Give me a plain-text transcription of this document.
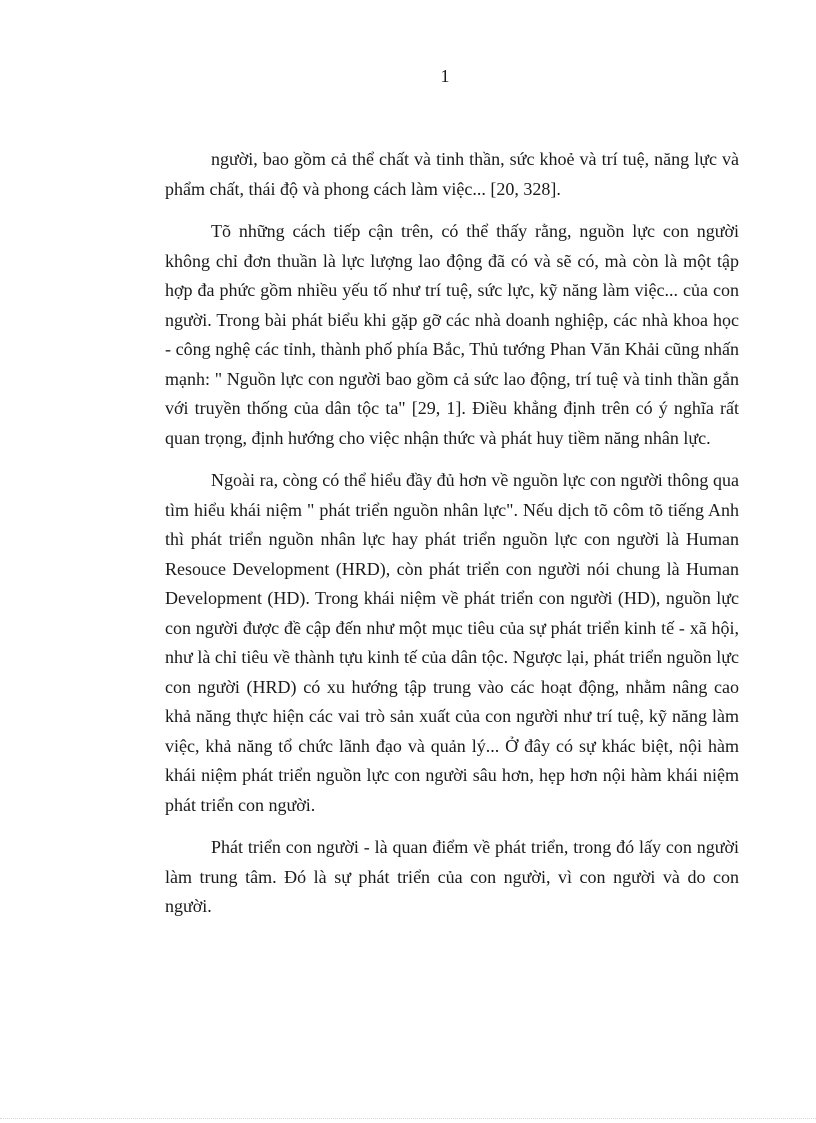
1

người, bao gồm cả thể chất và tinh thần, sức khoẻ và trí tuệ, năng lực và phẩm chất, thái độ và phong cách làm việc... [20, 328].

Tõ những cách tiếp cận trên, có thể thấy rằng, nguồn lực con người không chỉ đơn thuần là lực lượng lao động đã có và sẽ có, mà còn là một tập hợp đa phức gồm nhiều yếu tố như trí tuệ, sức lực, kỹ năng làm việc... của con người. Trong bài phát biểu khi gặp gỡ các nhà doanh nghiệp, các nhà khoa học - công nghệ các tỉnh, thành phố phía Bắc, Thủ tướng Phan Văn Khải cũng nhấn mạnh: " Nguồn lực con người bao gồm cả sức lao động, trí tuệ và tinh thần gắn với truyền thống của dân tộc ta" [29, 1]. Điều khẳng định trên có ý nghĩa rất quan trọng, định hướng cho việc nhận thức và phát huy tiềm năng nhân lực.

Ngoài ra, còng có thể hiểu đầy đủ hơn về nguồn lực con người thông qua tìm hiểu khái niệm " phát triển nguồn nhân lực". Nếu dịch tõ côm tõ tiếng Anh thì phát triển nguồn nhân lực hay phát triển nguồn lực con người là Human Resouce Development (HRD), còn phát triển con người nói chung là Human Development (HD). Trong khái niệm về phát triển con người (HD), nguồn lực con người được đề cập đến như một mục tiêu của sự phát triển kinh tế - xã hội, như là chỉ tiêu về thành tựu kinh tế của dân tộc. Ngược lại, phát triển nguồn lực con người (HRD) có xu hướng tập trung vào các hoạt động, nhằm nâng cao khả năng thực hiện các vai trò sản xuất của con người như trí tuệ, kỹ năng làm việc, khả năng tổ chức lãnh đạo và quản lý... Ở đây có sự khác biệt, nội hàm khái niệm phát triển nguồn lực con người sâu hơn, hẹp hơn nội hàm khái niệm phát triển con người.

Phát triển con người - là quan điểm về phát triển, trong đó lấy con người làm trung tâm. Đó là sự phát triển của con người, vì con người và do con người.
